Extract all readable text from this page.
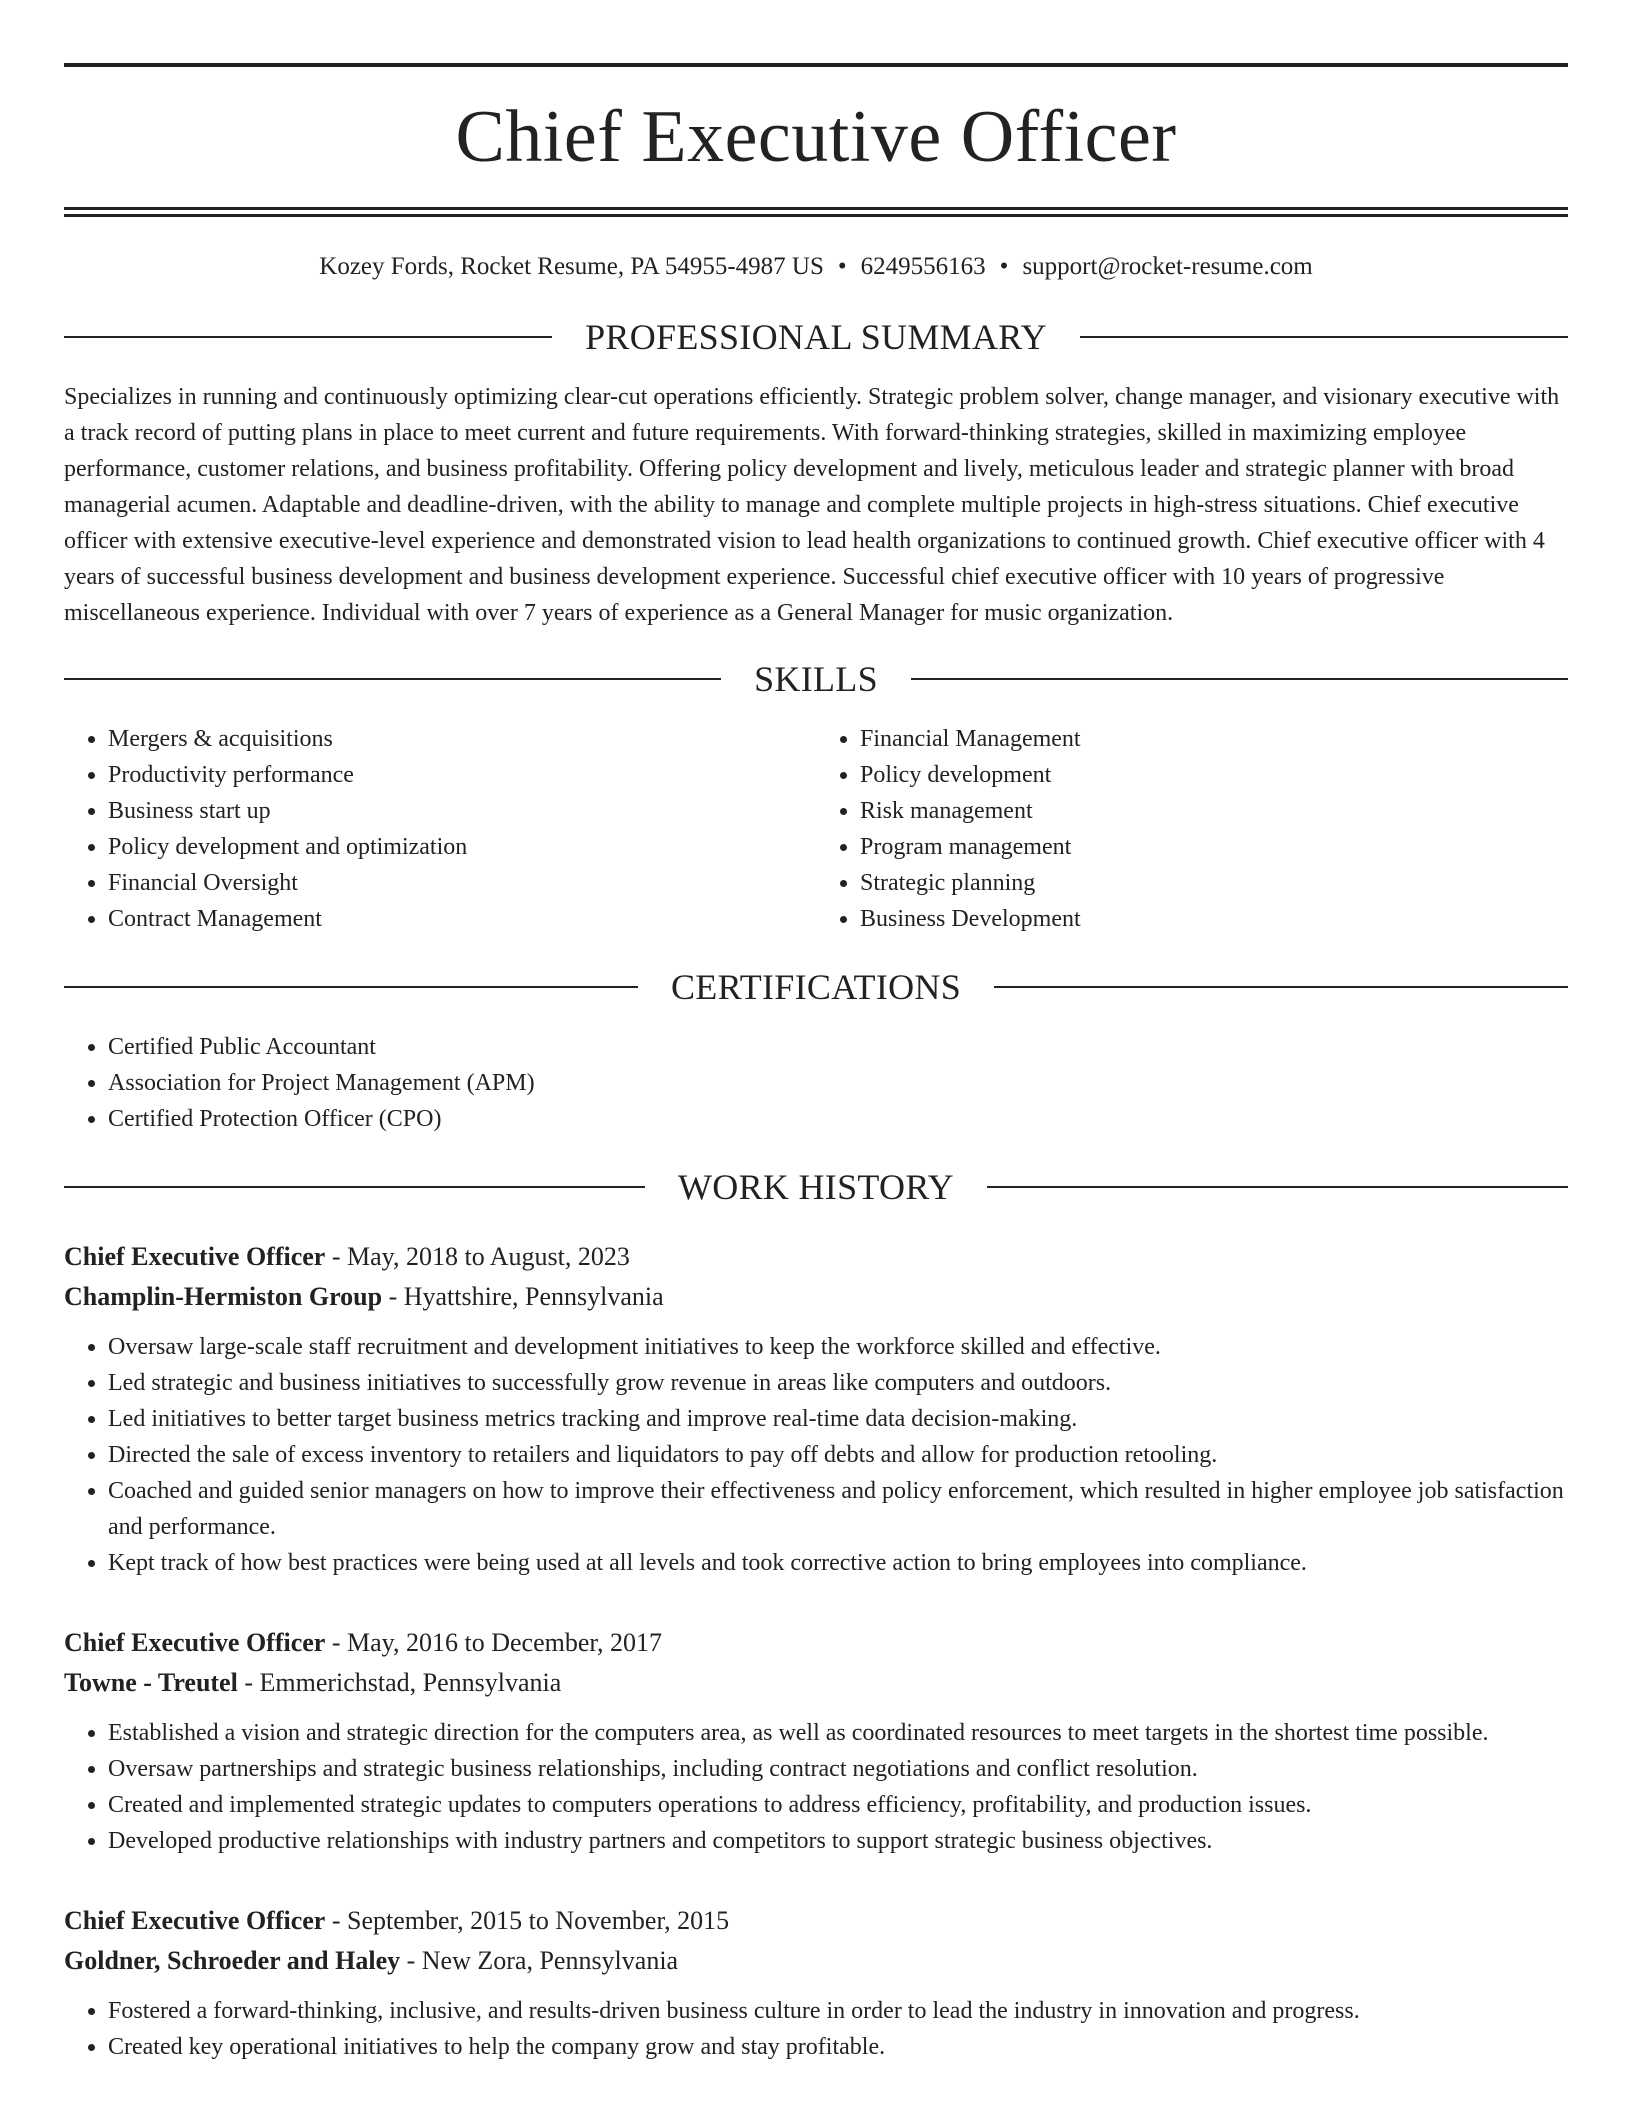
Chief Executive Officer
Kozey Fords, Rocket Resume, PA 54955-4987 US • 6249556163 • support@rocket-resume.com
PROFESSIONAL SUMMARY

Specializes in running and continuously optimizing clear-cut operations efficiently. Strategic problem solver, change manager, and visionary executive with a track record of putting plans in place to meet current and future requirements. With forward-thinking strategies, skilled in maximizing employee performance, customer relations, and business profitability. Offering policy development and lively, meticulous leader and strategic planner with broad managerial acumen. Adaptable and deadline-driven, with the ability to manage and complete multiple projects in high-stress situations. Chief executive officer with extensive executive-level experience and demonstrated vision to lead health organizations to continued growth. Chief executive officer with 4 years of successful business development and business development experience. Successful chief executive officer with 10 years of progressive miscellaneous experience. Individual with over 7 years of experience as a General Manager for music organization.

SKILLS
• Mergers & acquisitions
• Productivity performance
• Business start up
• Policy development and optimization
• Financial Oversight
• Contract Management
• Financial Management
• Policy development
• Risk management
• Program management
• Strategic planning
• Business Development
CERTIFICATIONS
• Certified Public Accountant
• Association for Project Management (APM)
• Certified Protection Officer (CPO)
WORK HISTORY
Chief Executive Officer - May, 2018 to August, 2023
Champlin-Hermiston Group - Hyattshire, Pennsylvania
• Oversaw large-scale staff recruitment and development initiatives to keep the workforce skilled and effective.
• Led strategic and business initiatives to successfully grow revenue in areas like computers and outdoors.
• Led initiatives to better target business metrics tracking and improve real-time data decision-making.
• Directed the sale of excess inventory to retailers and liquidators to pay off debts and allow for production retooling.
• Coached and guided senior managers on how to improve their effectiveness and policy enforcement, which resulted in higher employee job satisfaction and performance.
• Kept track of how best practices were being used at all levels and took corrective action to bring employees into compliance.
Chief Executive Officer - May, 2016 to December, 2017
Towne - Treutel - Emmerichstad, Pennsylvania
• Established a vision and strategic direction for the computers area, as well as coordinated resources to meet targets in the shortest time possible.
• Oversaw partnerships and strategic business relationships, including contract negotiations and conflict resolution.
• Created and implemented strategic updates to computers operations to address efficiency, profitability, and production issues.
• Developed productive relationships with industry partners and competitors to support strategic business objectives.
Chief Executive Officer - September, 2015 to November, 2015
Goldner, Schroeder and Haley - New Zora, Pennsylvania
• Fostered a forward-thinking, inclusive, and results-driven business culture in order to lead the industry in innovation and progress.
• Created key operational initiatives to help the company grow and stay profitable.
